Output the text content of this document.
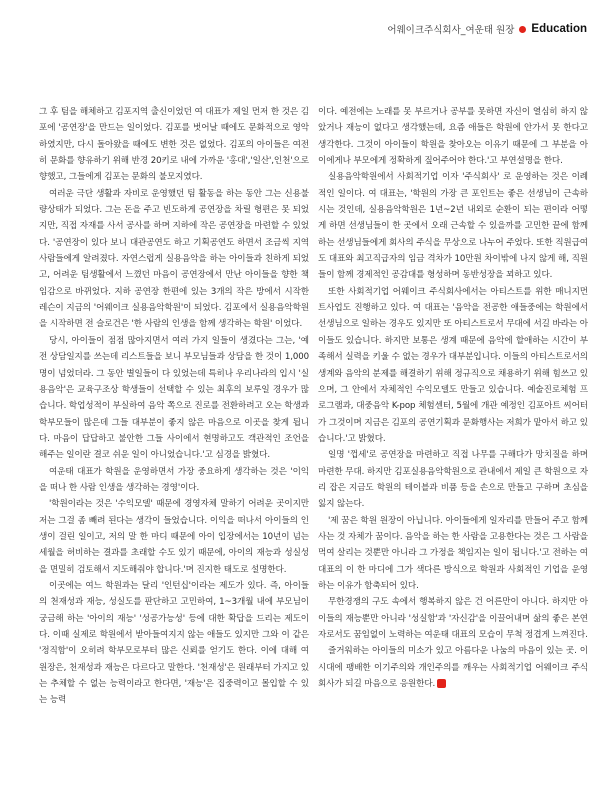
어웨이크주식회사_여운태 원장 Education

그 후 팀을 해체하고 김포지역 출신이었던 여 대표가 제일 먼저 한 것은 김포에 '공연장'을 만드는 일이었다. 김포를 벗어날 때에도 문화적으로 영악하였지만, 다시 돌아왔을 때에도 변한 것은 없었다. 김포의 아이들은 여전히 문화를 향유하기 위해 반경 20키로 내에 가까운 '홍대','일산',인천'으로 향했고, 그들에게 김포는 문화의 불모지였다.

여러운 극단 생활과 자비로 운영했던 팀 활동을 하는 동안 그는 신용불량상태가 되었다. 그는 돈을 주고 빈도하게 공연장을 차릴 형편은 못 되었지만, 직접 자재를 사서 공사를 하며 지하에 작은 공연장을 마련할 수 있었다. '공연장이 있다 보니 대관공연도 하고 기획공연도 하면서 조금씩 지역 사람들에게 알려졌다. 자연스럽게 실용음악을 하는 아이들과 친하게 되었고, 어려운 팀생활에서 느꼈던 마음이 공연장에서 만난 아이들을 향한 책임감으로 바뀌었다. 지하 공연장 한편에 있는 3개의 작은 방에서 시작한 레슨이 지금의 '어웨이크 실용음악학원'이 되었다. 김포에서 실용음악학원을 시작하면 전 슬로건은 '한 사람의 인생을 함께 생각하는 학원' 이었다.

당시, 아이들이 점점 많아지면서 여러 가지 일들이 생겼다는 그는, '예전 상담일지를 쓰는데 리스트들을 보니 부모님들과 상담을 한 것이 1,000명이 넘었더라. 그 동안 별일들이 다 있었는데 특히나 우리나라의 입시 '실용음악'은 교육구조상 학생들이 선택할 수 있는 최후의 보루일 경우가 많습니다. 학업성적이 부실하여 음악 쪽으로 진로를 전환하려고 오는 학생과 학부모들이 많은데 그들 대부분이 좋지 않은 마음으로 이곳을 찾게 됩니다. 마음이 답답하고 불안한 그들 사이에서 현명하고도 객관적인 조언을 해주는 일이란 결코 쉬운 일이 아니었습니다.'고 심경을 밝혔다.

여운태 대표가 학원을 운영하면서 가장 중요하게 생각하는 것은 '이익을 떠나 한 사람 인생을 생각하는 경영'이다.

'학원이라는 것은 '수익모델' 때문에 경영자체 말하기 어려운 곳이지만 저는 그걸 좀 빼려 된다는 생각이 들었습니다. 이익을 떠나서 아이들의 인생이 걸린 일이고, 저의 말 한 마디 때문에 아이 입장에서는 10년이 넘는 세월을 허비하는 결과를 초래할 수도 있기 때문에, 아이의 재능과 성실성을 면밀히 검토해서 지도해줘야 합니다.'며 진지한 태도로 설명한다.

이곳에는 여느 학원과는 달리 '인턴십'이라는 제도가 있다. 즉, 아이들의 천재성과 재능, 성실도를 판단하고 고민하여, 1~3개월 내에 부모님이 궁금해 하는 '아이의 재능' '성공가능성' 등에 대한 확답을 드리는 제도이다. 이때 실제로 학원에서 받아들여지지 않는 애들도 있지만 그와 이 같은 '정직함'이 오히려 학부모로부터 많은 신뢰를 얻기도 한다. 이에 대해 여 원장은, 천재성과 재능은 다르다고 말한다. '천재성'은 원래부터 가지고 있는 추체할 수 없는 능력이라고 한다면, '재능'은 집중력이고 몰입할 수 있는 능력

이다. 예전에는 노래를 못 부르거나 공부를 못하면 자신이 열심히 하지 않았거나 재능이 없다고 생각했는데, 요즘 애들은 학원에 안가서 못 한다고 생각한다. 그것이 아이들이 학원을 찾아오는 이유기 때문에 그 부분을 아이에게나 부모에게 정확하게 짚어주어야 한다.'고 부연설명을 한다.

실용음악학원에서 사회적기업 이자 '주식회사' 로 운영하는 것은 이례적인 일이다. 여 대표는, '학원의 가장 큰 포인트는 좋은 선생님이 근속하시는 것인데, 실용음악학원은 1년~2년 내외로 순환이 되는 편이라 어떻게 하면 선생님들이 한 곳에서 오래 근속할 수 있을까를 고민한 끝에 함께하는 선생님들에게 회사의 주식을 무상으로 나누어 주었다. 또한 직원급여도 대표와 최고직급자의 임금 격차가 10만원 차이밖에 나지 않게 해, 직원들이 함께 경제적인 공감대를 형성하며 동반성장을 꾀하고 있다.

또한 사회적기업 어웨이크 주식회사에서는 아티스트를 위한 매니지먼트사업도 진행하고 있다. 여 대표는 '음악을 전공한 애들중에는 학원에서 선생님으로 일하는 경우도 있지만 또 아티스트로서 무대에 서길 바라는 아이들도 있습니다. 하지만 보통은 생계 때문에 음악에 할애하는 시간이 부족해서 실력을 키울 수 없는 경우가 대부분입니다. 이들의 아티스트로서의 생계와 음악의 분제를 해결하기 위해 정규직으로 채용하기 위해 힘쓰고 있으며, 그 안에서 자체적인 수익모델도 만들고 있습니다. 예술진로체험 프로그램과, 대중음악 K-pop 체험센터, 5월에 개관 예정인 김포아트 씨어터가 그것이며 지금은 김포의 공연기획과 문화행사는 저희가 맡아서 하고 있습니다.'고 밝혔다.

일명 '껍세'로 공연장을 마련하고 직접 나무를 구해다가 망치질을 하며 마련한 무대. 하지만 김포실용음악학원으로 관내에서 제일 큰 학원으로 자리 잡은 지금도 학원의 테이블과 비품 등을 손으로 만들고 구하며 초심을 잃지 않는다.

'제 꿈은 학원 원장이 아닙니다. 아이들에게 일자리를 만들어 주고 함께 사는 것 자체가 꿈이다. 음악을 하는 한 사람을 고용한다는 것은 그 사람을 먹여 살리는 것뿐만 아니라 그 가정을 책임지는 일이 됩니다.'고 전하는 여 대표의 이 한 마디에 그가 색다른 방식으로 학원과 사회적인 기업을 운영하는 이유가 함축되어 있다.

무한경쟁의 구도 속에서 행복하지 않은 건 어른만이 아니다. 하지만 아이들의 재능뿐만 아니라 '성실함'과 '자신감'을 이끌어내며 삶의 좋은 본연자로서도 꿈임없이 노력하는 여운태 대표의 모습이 무척 정겹게 느껴진다.

즐거워하는 아이들의 미소가 있고 아름다운 나눔의 마음이 있는 곳. 이 시대에 팽배한 이기주의와 개인주의를 깨우는 사회적기업 어웨이크 주식회사가 되길 마음으로 응원한다. E
